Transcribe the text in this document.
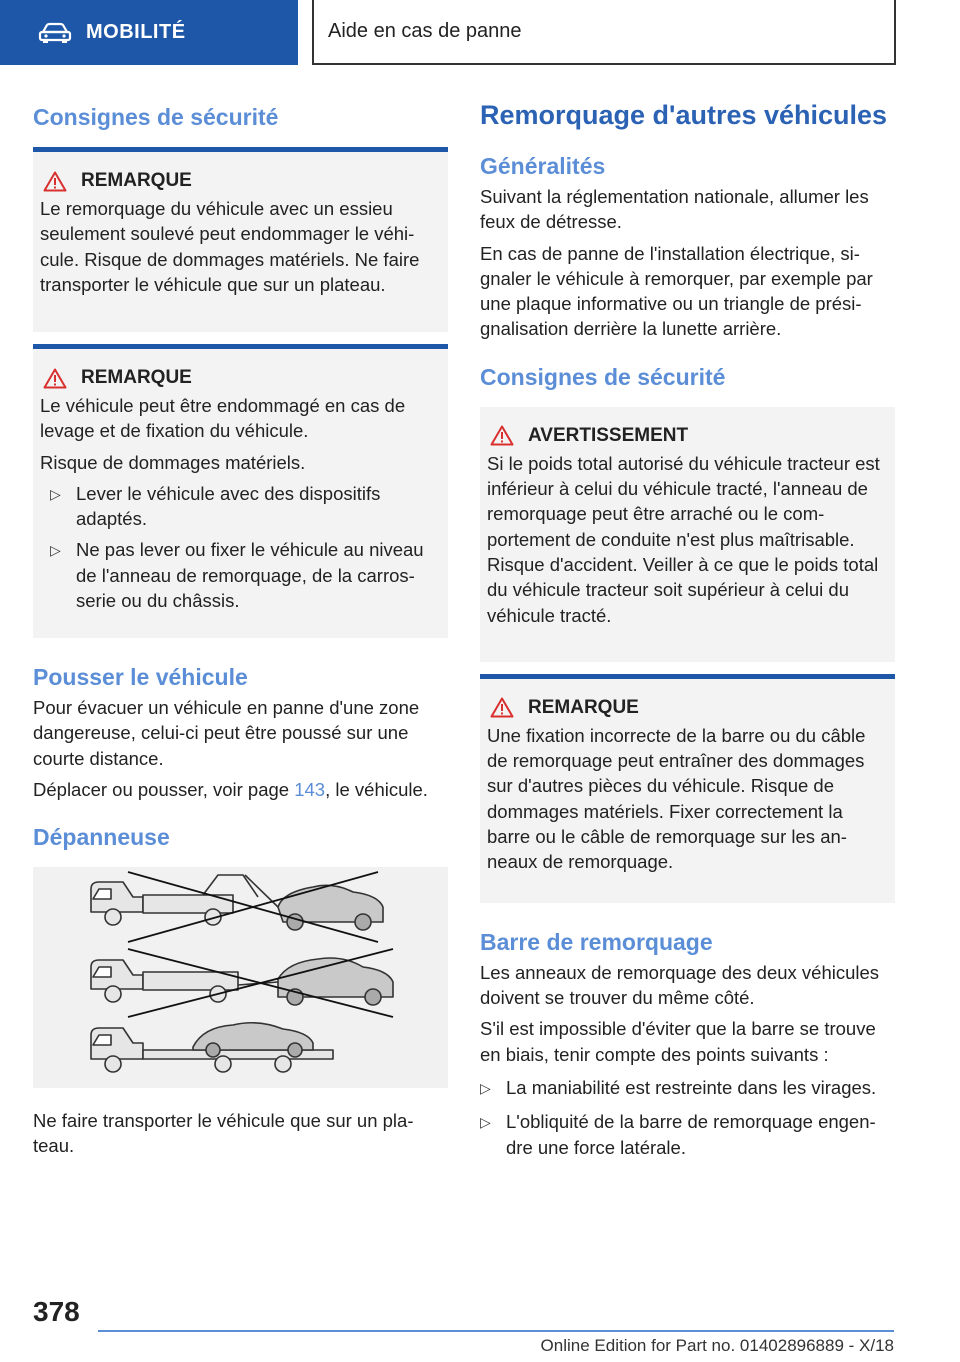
MOBILITÉ	Aide en cas de panne
Consignes de sécurité
REMARQUE
Le remorquage du véhicule avec un essieu seulement soulevé peut endommager le véhi-cule. Risque de dommages matériels. Ne faire transporter le véhicule que sur un plateau.
REMARQUE
Le véhicule peut être endommagé en cas de levage et de fixation du véhicule.
Risque de dommages matériels.
▷ Lever le véhicule avec des dispositifs adaptés.
▷ Ne pas lever ou fixer le véhicule au niveau de l'anneau de remorquage, de la carros-serie ou du châssis.
Pousser le véhicule
Pour évacuer un véhicule en panne d'une zone dangereuse, celui-ci peut être poussé sur une courte distance.
Déplacer ou pousser, voir page 143, le véhicule.
Dépanneuse
Ne faire transporter le véhicule que sur un pla-teau.
Remorquage d'autres véhicules
Généralités
Suivant la réglementation nationale, allumer les feux de détresse.
En cas de panne de l'installation électrique, si-gnaler le véhicule à remorquer, par exemple par une plaque informative ou un triangle de prési-gnalisation derrière la lunette arrière.
Consignes de sécurité
AVERTISSEMENT
Si le poids total autorisé du véhicule tracteur est inférieur à celui du véhicule tracté, l'anneau de remorquage peut être arraché ou le com-portement de conduite n'est plus maîtrisable. Risque d'accident. Veiller à ce que le poids total du véhicule tracteur soit supérieur à celui du véhicule tracté.
REMARQUE
Une fixation incorrecte de la barre ou du câble de remorquage peut entraîner des dommages sur d'autres pièces du véhicule. Risque de dommages matériels. Fixer correctement la barre ou le câble de remorquage sur les an-neaux de remorquage.
Barre de remorquage
Les anneaux de remorquage des deux véhicules doivent se trouver du même côté.
S'il est impossible d'éviter que la barre se trouve en biais, tenir compte des points suivants :
▷ La maniabilité est restreinte dans les virages.
▷ L'obliquité de la barre de remorquage engen-dre une force latérale.
378
Online Edition for Part no. 01402896889 - X/18
